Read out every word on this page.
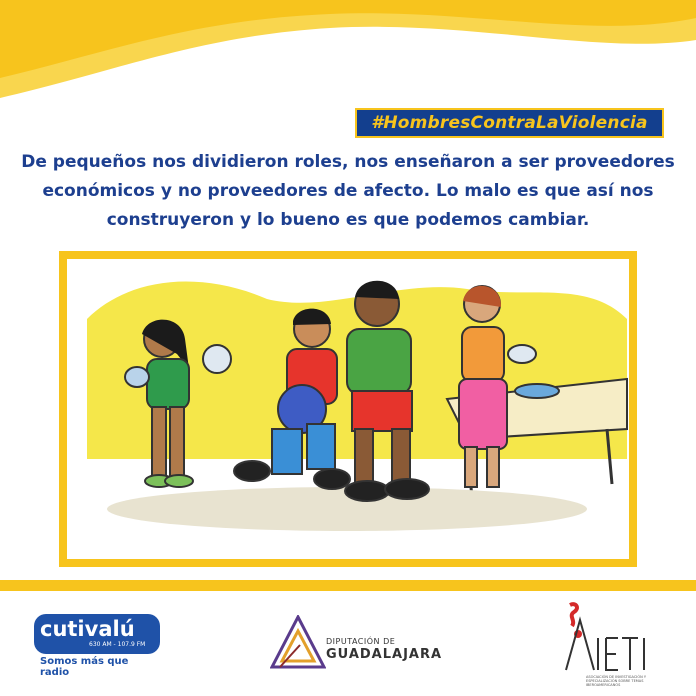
#HombresContraLaViolencia
De pequeños nos dividieron roles, nos enseñaron a ser proveedores económicos y no proveedores de afecto. Lo malo es que así nos construyeron y lo bueno es que podemos cambiar.
cutivalú
630 AM - 107.9 FM
Somos más que radio
DIPUTACIÓN DE
GUADALAJARA
AIETI
ASOCIACIÓN DE INVESTIGACIÓN Y ESPECIALIZACIÓN SOBRE TEMAS IBEROAMERICANOS
